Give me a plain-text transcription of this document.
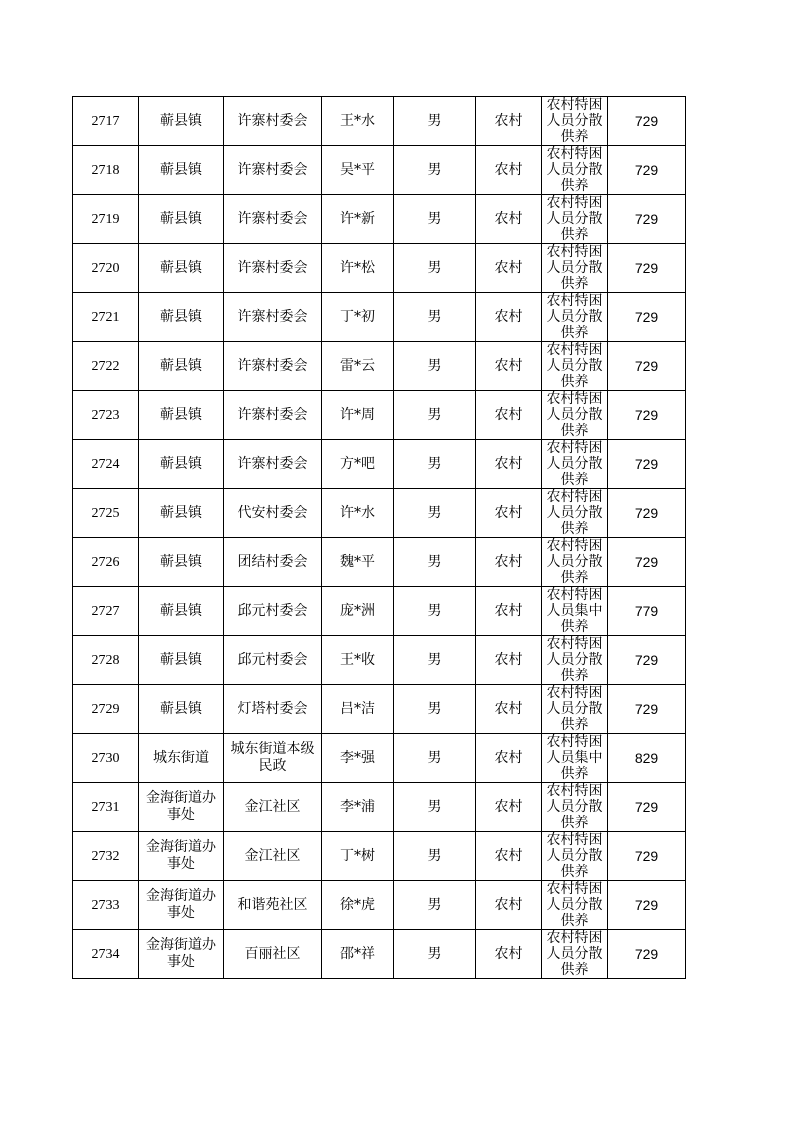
2717	蕲县镇	许寨村委会	王*水	男	农村	农村特困人员分散供养	729

2718	蕲县镇	许寨村委会	吴*平	男	农村	农村特困人员分散供养	729

2719	蕲县镇	许寨村委会	许*新	男	农村	农村特困人员分散供养	729

2720	蕲县镇	许寨村委会	许*松	男	农村	农村特困人员分散供养	729

2721	蕲县镇	许寨村委会	丁*初	男	农村	农村特困人员分散供养	729

2722	蕲县镇	许寨村委会	雷*云	男	农村	农村特困人员分散供养	729

2723	蕲县镇	许寨村委会	许*周	男	农村	农村特困人员分散供养	729

2724	蕲县镇	许寨村委会	方*吧	男	农村	农村特困人员分散供养	729

2725	蕲县镇	代安村委会	许*水	男	农村	农村特困人员分散供养	729

2726	蕲县镇	团结村委会	魏*平	男	农村	农村特困人员分散供养	729

2727	蕲县镇	邱元村委会	庞*洲	男	农村	农村特困人员集中供养	779

2728	蕲县镇	邱元村委会	王*收	男	农村	农村特困人员分散供养	729

2729	蕲县镇	灯塔村委会	吕*洁	男	农村	农村特困人员分散供养	729

2730	城东街道	城东街道本级民政	李*强	男	农村	农村特困人员集中供养	829

2731	金海街道办事处	金江社区	李*浦	男	农村	农村特困人员分散供养	729

2732	金海街道办事处	金江社区	丁*树	男	农村	农村特困人员分散供养	729

2733	金海街道办事处	和谐苑社区	徐*虎	男	农村	农村特困人员分散供养	729

2734	金海街道办事处	百丽社区	邵*祥	男	农村	农村特困人员分散供养	729
